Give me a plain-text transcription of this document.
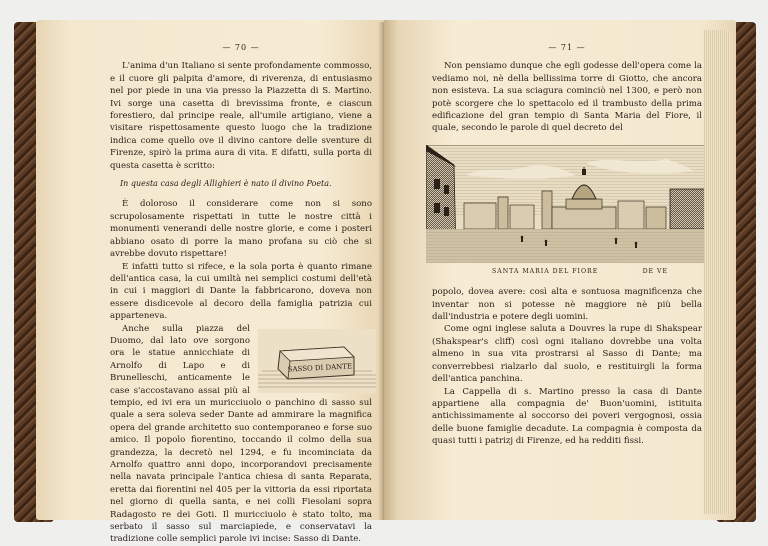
— 70 —

L'anima d'un Italiano si sente profondamente commosso, e il cuore gli palpita d'amore, di riverenza, di entusiasmo nel por piede in una via presso la Piazzetta di S. Martino. Ivi sorge una casetta di brevissima fronte, e ciascun forestiero, dal principe reale, all'umile artigiano, viene a visitare rispettosamente questo luogo che la tradizione indica come quello ove il divino cantore delle sventure di Firenze, spirò la prima aura di vita. E difatti, sulla porta di questa casetta è scritto:

In questa casa degli Allighieri è nato il divino Poeta.

È doloroso il considerare come non si sono scrupolosamente rispettati in tutte le nostre città i monumenti venerandi delle nostre glorie, e come i posteri abbiano osato di porre la mano profana su ciò che si avrebbe dovuto rispettare!

E infatti tutto si rifece, e la sola porta è quanto rimane dell'antica casa, la cui umiltà nei semplici costumi dell'età in cui i maggiori di Dante la fabbricarono, doveva non essere disdicevole al decoro della famiglia patrizia cui apparteneva.

SASSO DI DANTE

Anche sulla piazza del Duomo, dal lato ove sorgono ora le statue annicchiate di Arnolfo di Lapo e di Brunelleschi, anticamente le case s'accostavano assai più al tempio, ed ivi era un muricciuolo o panchino di sasso sul quale a sera soleva seder Dante ad ammirare la magnifica opera del grande architetto suo contemporaneo e forse suo amico. Il popolo fiorentino, toccando il colmo della sua grandezza, la decretò nel 1294, e fu incominciata da Arnolfo quattro anni dopo, incorporandovi precisamente nella navata principale l'antica chiesa di santa Reparata, eretta dai fiorentini nel 405 per la vittoria da essi riportata nel giorno di quella santa, e nei colli Fiesolani sopra Radagosto re dei Goti. Il muricciuolo è stato tolto, ma serbato il sasso sul marciapiede, e conservatavi la tradizione colle semplici parole ivi incise: Sasso di Dante.

— 71 —

Non pensiamo dunque che egli godesse dell'opera come la vediamo noi, nè della bellissima torre di Giotto, che ancora non esisteva. La sua sciagura cominciò nel 1300, e però non potè scorgere che lo spettacolo ed il trambusto della prima edificazione del gran tempio di Santa Maria del Fiore, il quale, secondo le parole di quel decreto del

SANTA MARIA DEL FIORE	DE VE

popolo, dovea avere: così alta e sontuosa magnificenza che inventar non si potesse nè maggiore nè più bella dall'industria e potere degli uomini.

Come ogni inglese saluta a Douvres la rupe di Shakspear (Shakspear's cliff) così ogni italiano dovrebbe una volta almeno in sua vita prostrarsi al Sasso di Dante; ma converrebbesi rialzarlo dal suolo, e restituirgli la forma dell'antica panchina.

La Cappella di s. Martino presso la casa di Dante appartiene alla compagnia de' Buon'uomini, istituita antichissimamente al soccorso dei poveri vergognosi, ossia delle buone famiglie decadute. La compagnia è composta da quasi tutti i patrizj di Firenze, ed ha redditi fissi.
